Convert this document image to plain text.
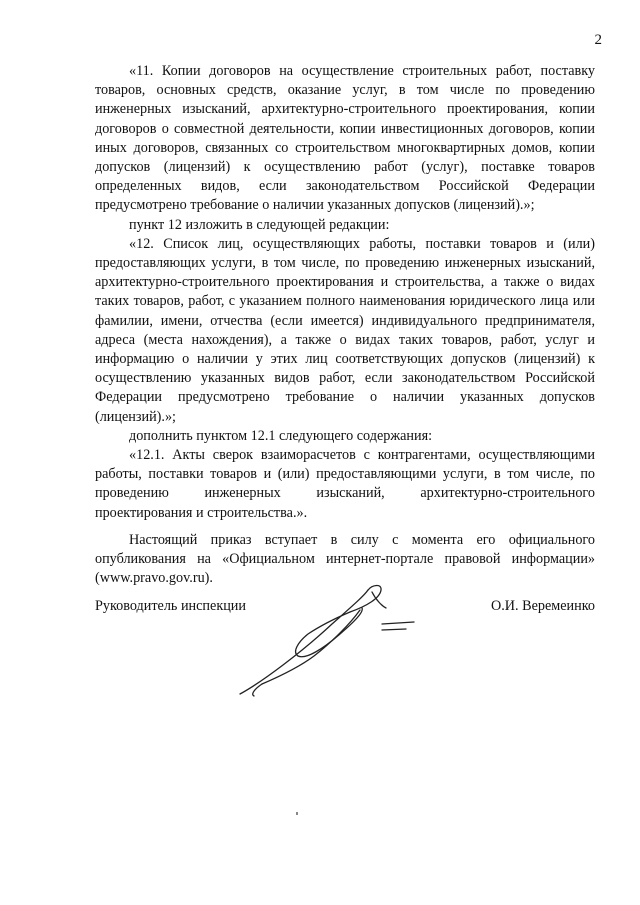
2

«11. Копии договоров на осуществление строительных работ, поставку товаров, основных средств, оказание услуг, в том числе по проведению инженерных изысканий, архитектурно-строительного проектирования, копии договоров о совместной деятельности, копии инвестиционных договоров, копии иных договоров, связанных со строительством многоквартирных домов, копии допусков (лицензий) к осуществлению работ (услуг), поставке товаров определенных видов, если законодательством Российской Федерации предусмотрено требование о наличии указанных допусков (лицензий).»;

пункт 12 изложить в следующей редакции:

«12. Список лиц, осуществляющих работы, поставки товаров и (или) предоставляющих услуги, в том числе, по проведению инженерных изысканий, архитектурно-строительного проектирования и строительства, а также о видах таких товаров, работ, с указанием полного наименования юридического лица или фамилии, имени, отчества (если имеется) индивидуального предпринимателя, адреса (места нахождения), а также о видах таких товаров, работ, услуг и информацию о наличии у этих лиц соответствующих допусков (лицензий) к осуществлению указанных видов работ, если законодательством Российской Федерации предусмотрено требование о наличии указанных допусков (лицензий).»;

дополнить пунктом 12.1 следующего содержания:

«12.1. Акты сверок взаиморасчетов с контрагентами, осуществляющими работы, поставки товаров и (или) предоставляющими услуги, в том числе, по проведению инженерных изысканий, архитектурно-строительного проектирования и строительства.».

Настоящий приказ вступает в силу с момента его официального опубликования на «Официальном интернет-портале правовой информации» (www.pravo.gov.ru).

Руководитель инспекции	О.И. Веремеинко
